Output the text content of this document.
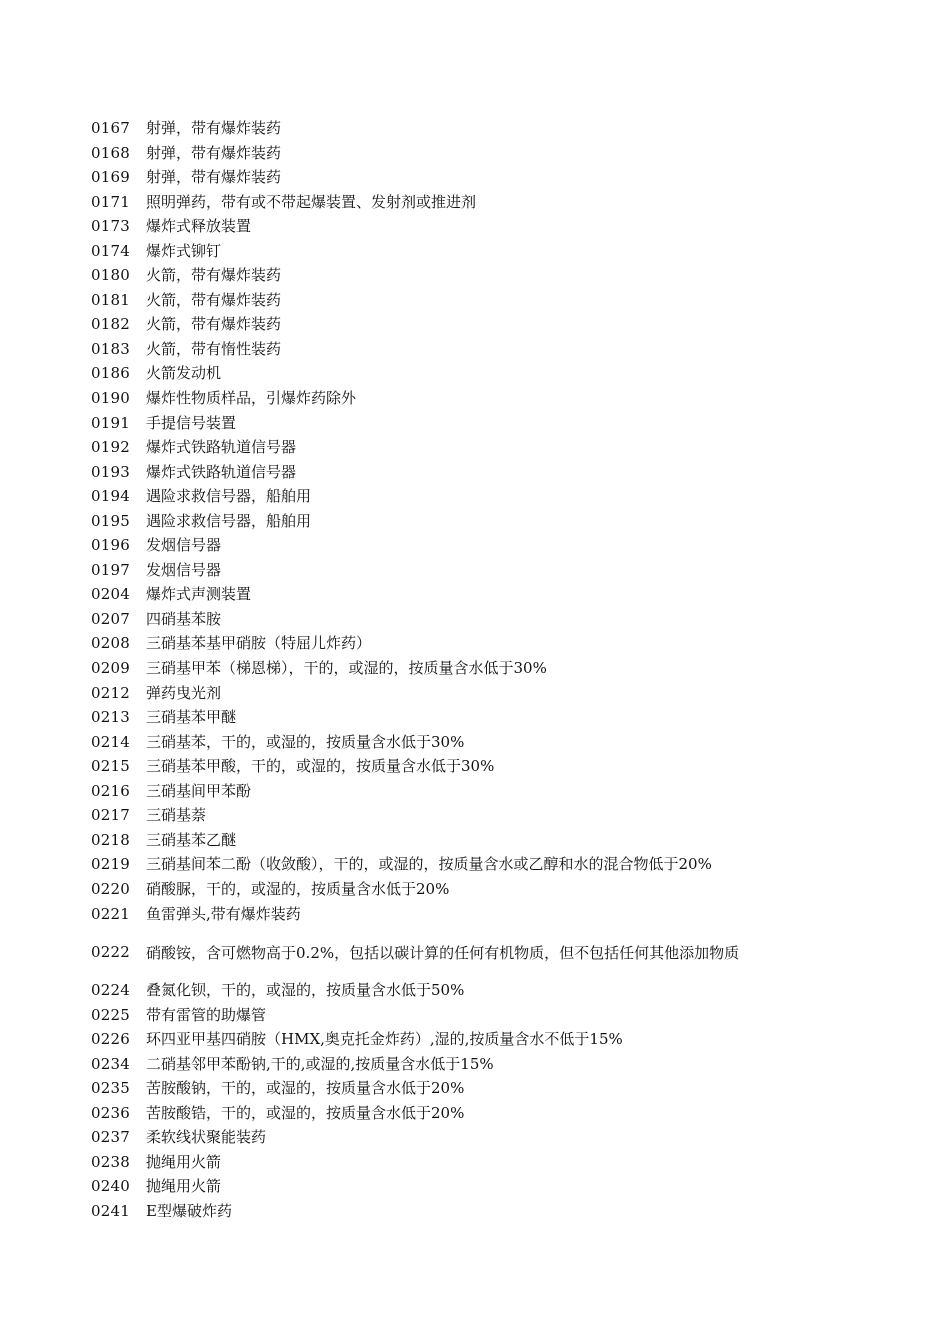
0167	射弹，带有爆炸装药
0168	射弹，带有爆炸装药
0169	射弹，带有爆炸装药
0171	照明弹药，带有或不带起爆装置、发射剂或推进剂
0173	爆炸式释放装置
0174	爆炸式铆钉
0180	火箭，带有爆炸装药
0181	火箭，带有爆炸装药
0182	火箭，带有爆炸装药
0183	火箭，带有惰性装药
0186	火箭发动机
0190	爆炸性物质样品，引爆炸药除外
0191	手提信号装置
0192	爆炸式铁路轨道信号器
0193	爆炸式铁路轨道信号器
0194	遇险求救信号器，船舶用
0195	遇险求救信号器，船舶用
0196	发烟信号器
0197	发烟信号器
0204	爆炸式声测装置
0207	四硝基苯胺
0208	三硝基苯基甲硝胺（特屈儿炸药）
0209	三硝基甲苯（梯恩梯），干的，或湿的，按质量含水低于30%
0212	弹药曳光剂
0213	三硝基苯甲醚
0214	三硝基苯，干的，或湿的，按质量含水低于30%
0215	三硝基苯甲酸，干的，或湿的，按质量含水低于30%
0216	三硝基间甲苯酚
0217	三硝基萘
0218	三硝基苯乙醚
0219	三硝基间苯二酚（收敛酸），干的，或湿的，按质量含水或乙醇和水的混合物低于20%
0220	硝酸脲，干的，或湿的，按质量含水低于20%
0221	鱼雷弹头,带有爆炸装药
0222	硝酸铵，含可燃物高于0.2%，包括以碳计算的任何有机物质，但不包括任何其他添加物质
0224	叠氮化钡，干的，或湿的，按质量含水低于50%
0225	带有雷管的助爆管
0226	环四亚甲基四硝胺（HMX,奥克托金炸药）,湿的,按质量含水不低于15%
0234	二硝基邻甲苯酚钠,干的,或湿的,按质量含水低于15%
0235	苦胺酸钠，干的，或湿的，按质量含水低于20%
0236	苦胺酸锆，干的，或湿的，按质量含水低于20%
0237	柔软线状聚能装药
0238	抛绳用火箭
0240	抛绳用火箭
0241	E型爆破炸药
